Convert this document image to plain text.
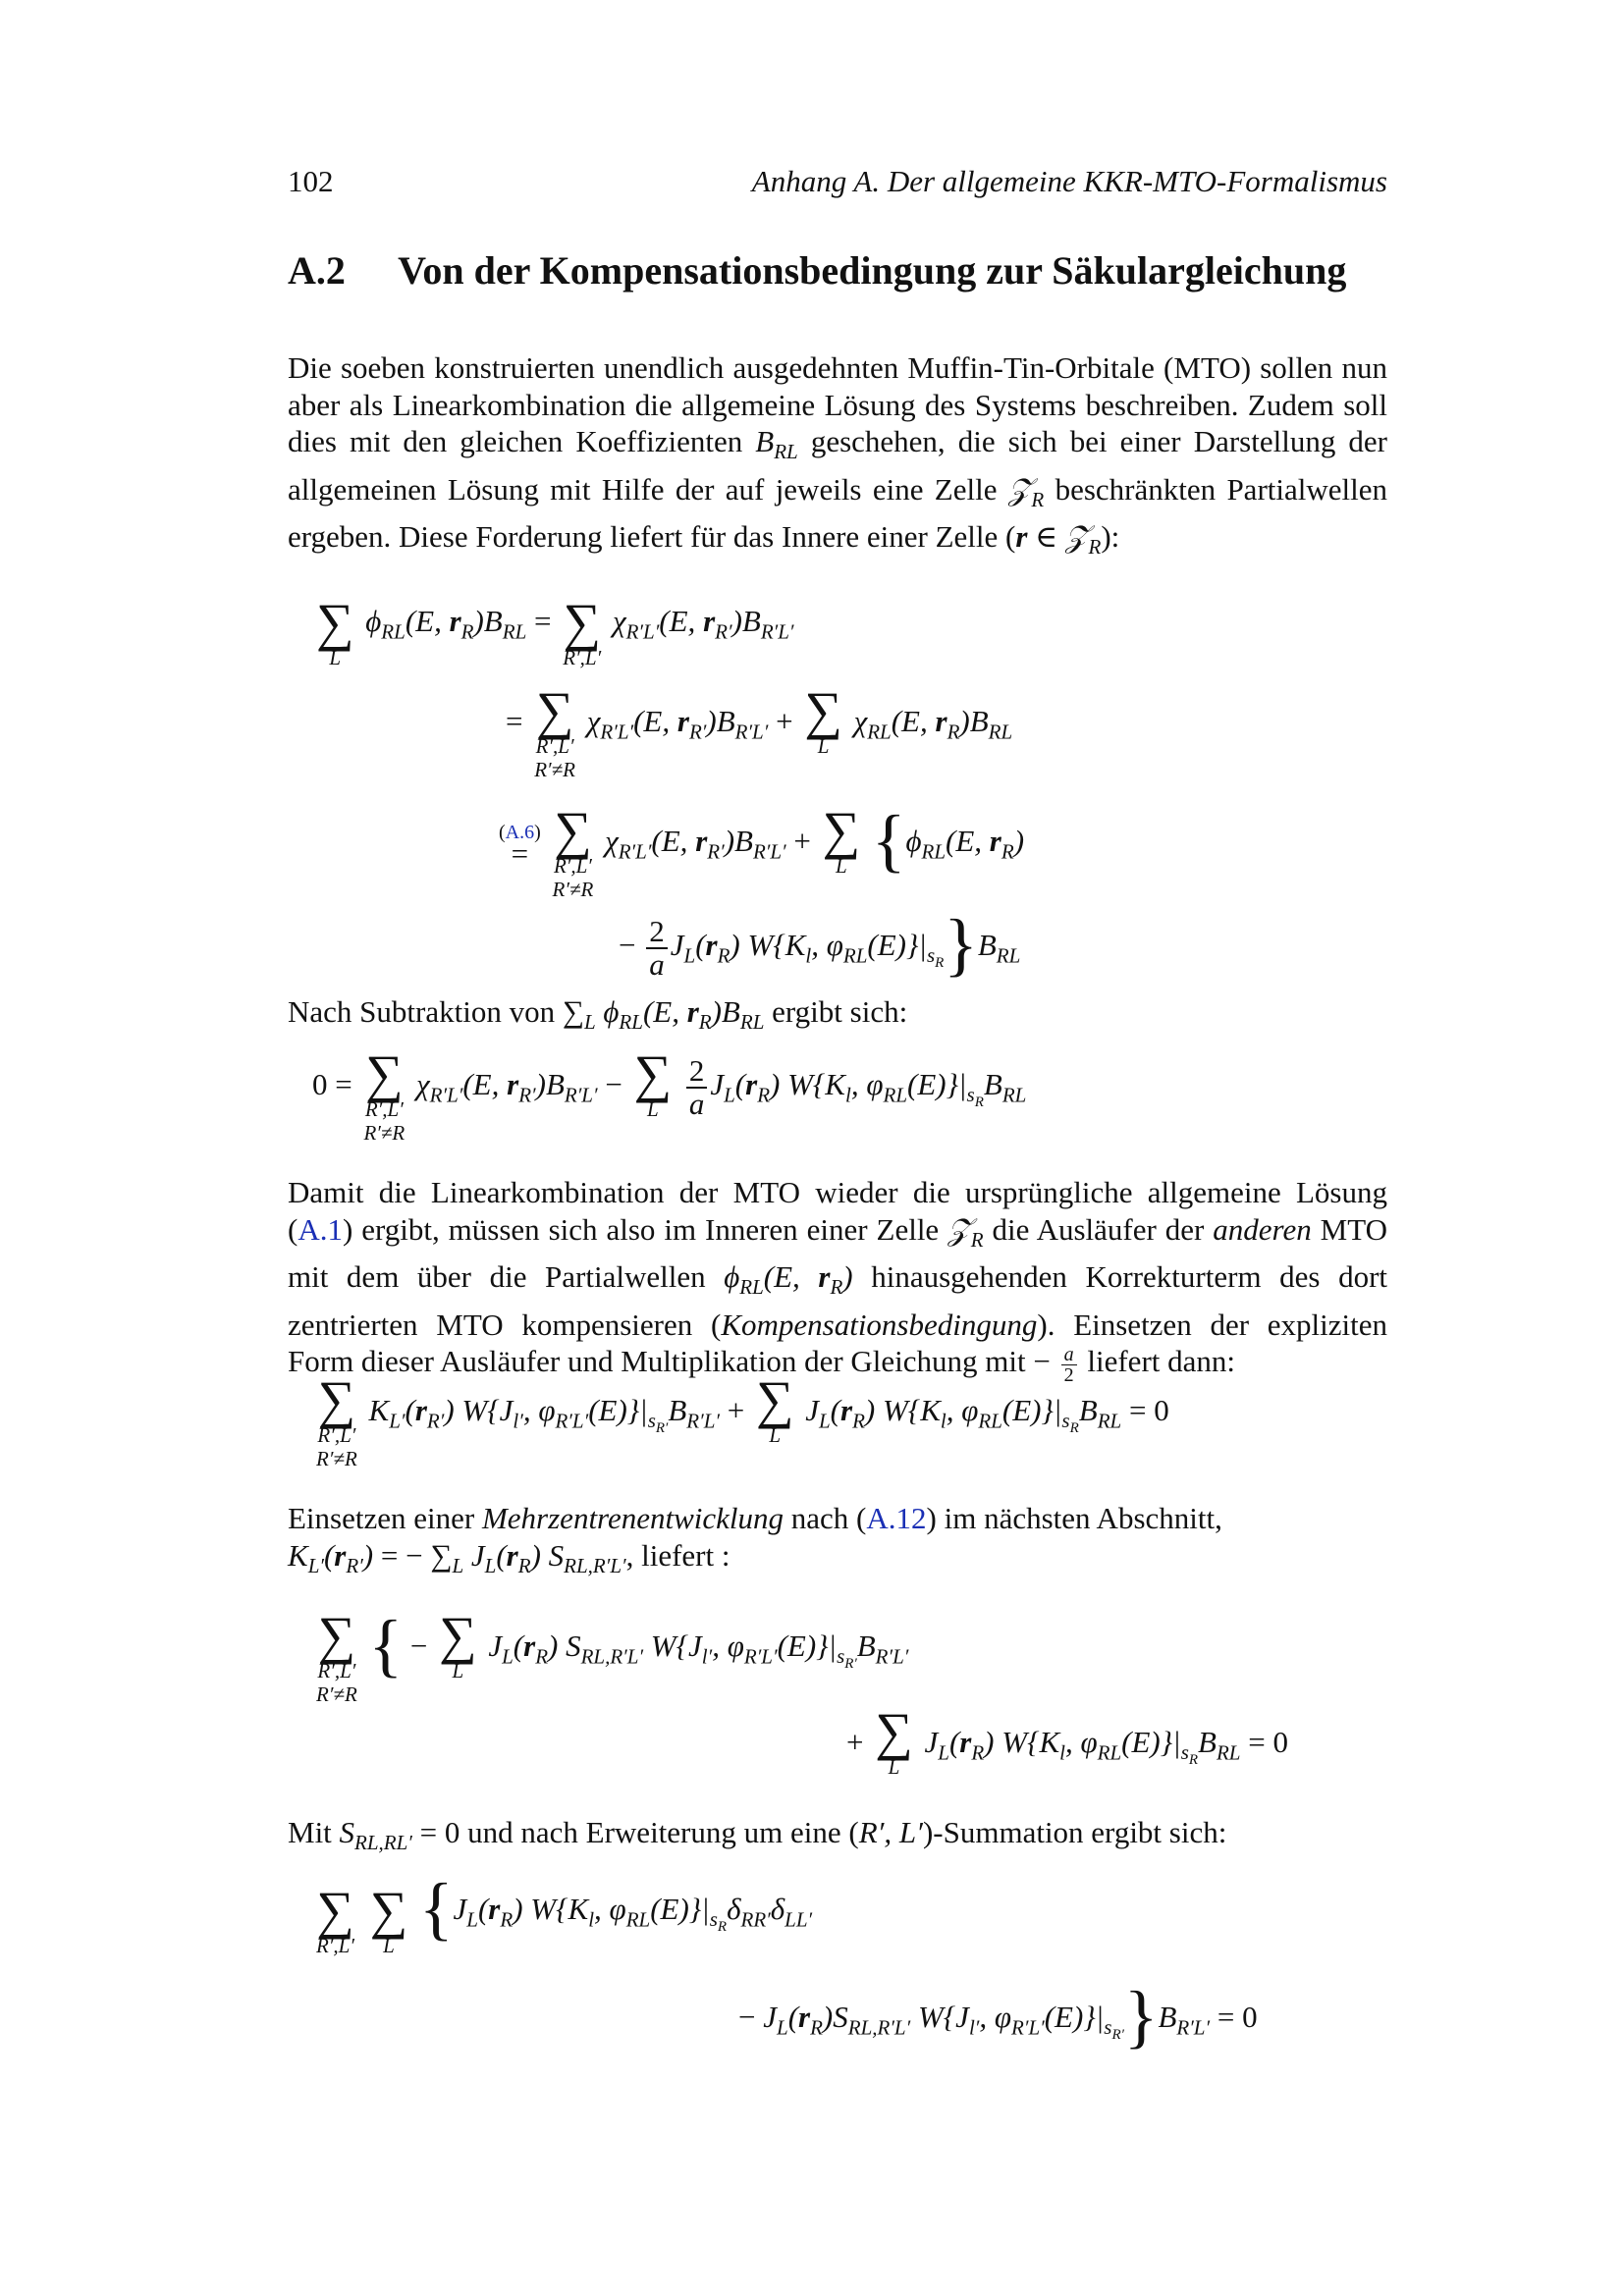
102	Anhang A. Der allgemeine KKR-MTO-Formalismus
A.2 Von der Kompensationsbedingung zur Säkulargleichung
Die soeben konstruierten unendlich ausgedehnten Muffin-Tin-Orbitale (MTO) sollen nun aber als Linearkombination die allgemeine Lösung des Systems beschreiben. Zudem soll dies mit den gleichen Koeffizienten $B_{RL}$ geschehen, die sich bei einer Darstellung der allgemeinen Lösung mit Hilfe der auf jeweils eine Zelle 𝒵$_R$ beschränkten Partialwellen ergeben. Diese Forderung liefert für das Innere einer Zelle (r ∈ 𝒵$_R$):
∑
L
$\phi_{RL}(E$, $r_R)B_{RL}$ = ∑
R′,L′
$\chi_{R'L'}(E$, $r_{R'})B_{R'L'}$
= ∑
R′,L′
R′≠R
$\chi_{R'L'}(E$, $r_{R'})B_{R'L'}$ + ∑
L
$\chi_{RL}(E$, $r_R)B_{RL}$
(A.6)
=
∑
R′,L′
R′≠R
$\chi_{R'L'}(E$, $r_{R'})B_{R'L'}$ + ∑
L {$\phi_{RL}(E$, $r_R$)
− $\frac{2}{a} J_L(r_R)$ $W\{K_l$, $\varphi_{RL}(E)\}|_{s_R}\}B_{RL}$
Nach Subtraktion von $\sum_L$ $\phi_{RL}(E$, $r_R)B_{RL}$ ergibt sich:
0 = ∑
R′,L′
R′≠R
$\chi_{R'L'}(E$, $r_{R'})B_{R'L'}$ − ∑
L
$\frac{2}{a} J_L(r_R)$ $W\{K_l$, $\varphi_{RL}(E)\}|_{s_R}B_{RL}$
Damit die Linearkombination der MTO wieder die ursprüngliche allgemeine Lösung (A.1) ergibt, müssen sich also im Inneren einer Zelle 𝒵$_R$ die Ausläufer der anderen MTO mit dem über die Partialwellen $\phi_{RL}(E$, $r_R$) hinausgehenden Korrekturterm des dort zentrierten MTO kompensieren (Kompensationsbedingung). Einsetzen der expliziten Form dieser Ausläufer und Multiplikation der Gleichung mit − $\frac{a}{2}$ liefert dann:
∑
R′,L′
R′≠R
$K_{L'}(r_{R'})$ $W\{J_{l'}$, $\varphi_{R'L'}(E)\}|_{s_{R'}}B_{R'L'}$ + ∑
L
$J_L(r_R)$ $W\{K_l$, $\varphi_{RL}(E)\}|_{s_R}B_{RL} = 0$
Einsetzen einer Mehrzentrenentwicklung nach (A.12) im nächsten Abschnitt,
$K_{L'}(r_{R'})$ = − $\sum_L$ $J_L(r_R)$ $S_{RL,R'L'}$, liefert :
∑
R′,L′
R′≠R
{ − ∑
L
$J_L(r_R)$ $S_{RL,R'L'}$ $W\{J_{l'}$, $\varphi_{R'L'}(E)\}|_{s_{R'}}B_{R'L'}$
+ ∑
L
$J_L(r_R)$ $W\{K_l$, $\varphi_{RL}(E)\}|_{s_R}B_{RL} = 0$
Mit $S_{RL,RL'} = 0$ und nach Erweiterung um eine (R′, L′)-Summation ergibt sich:
∑
R′,L′

∑
L {$J_L(r_R)$ $W\{K_l$, $\varphi_{RL}(E)\}|_{s_R}\delta_{RR'}\delta_{LL'}$
− $J_L(r_R)S_{RL,R'L'}$ $W\{J_{l'}$, $\varphi_{R'L'}(E)\}|_{s_{R'}}\}B_{R'L'} = 0$
